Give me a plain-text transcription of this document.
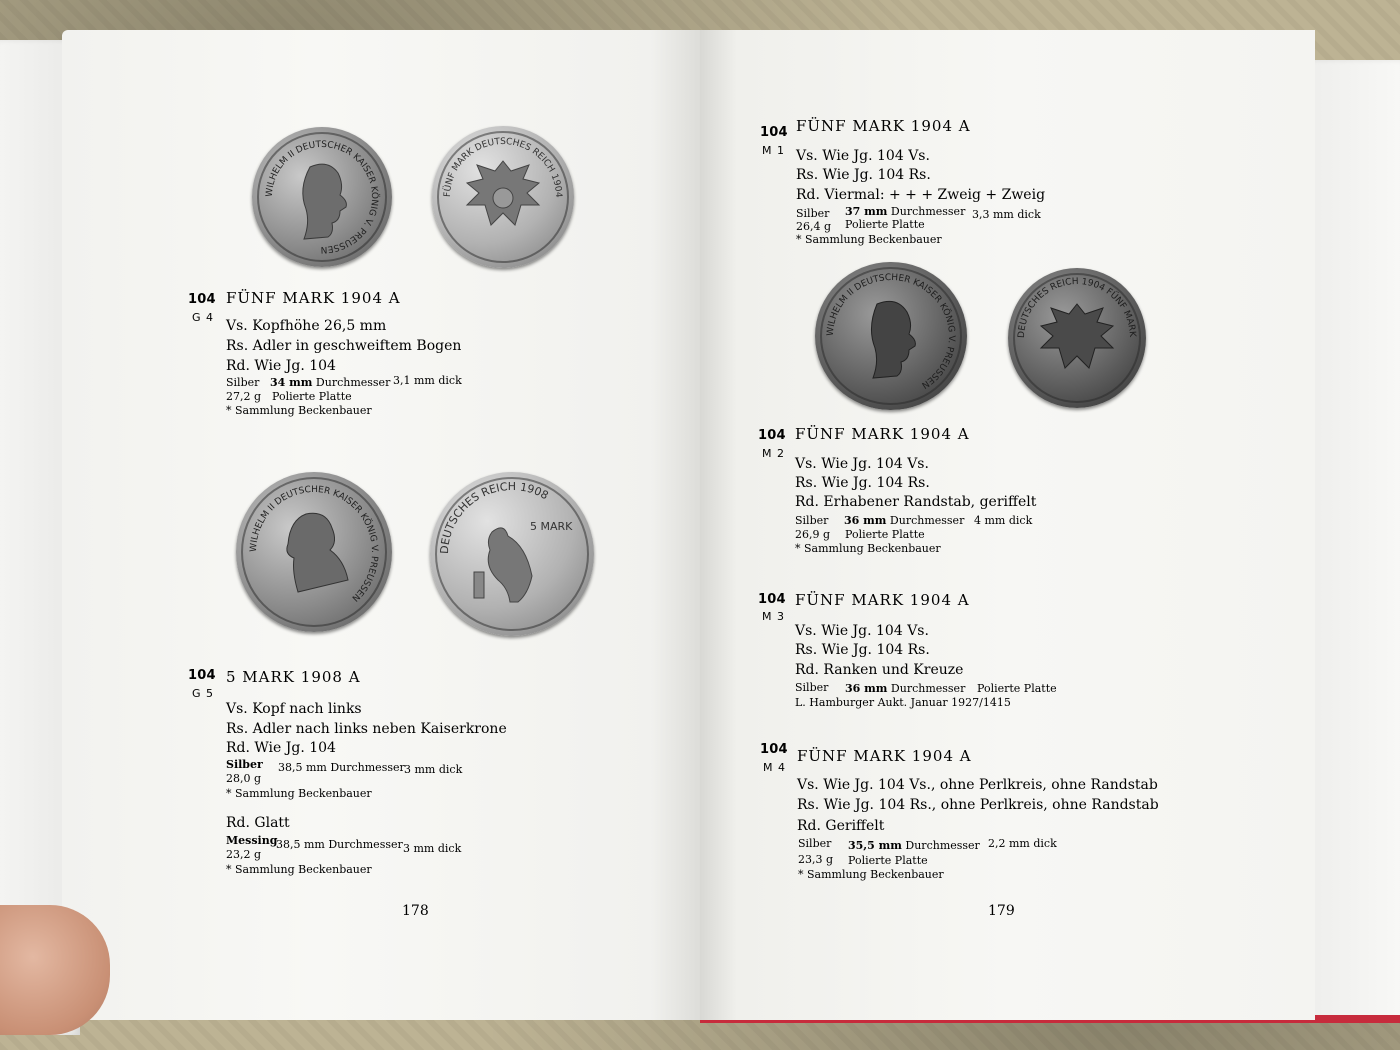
WILHELM II DEUTSCHER KAISER KÖNIG V. PREUSSEN
FÜNF MARK DEUTSCHES REICH 1904
104
G 4
FÜNF MARK 1904 A
Vs. Kopfhöhe 26,5 mm
Rs. Adler in geschweiftem Bogen
Rd. Wie Jg. 104
Silber 34 mm Durchmesser 3,1 mm dick
27,2 g Polierte Platte
* Sammlung Beckenbauer
WILHELM II DEUTSCHER KAISER KÖNIG V. PREUSSEN
DEUTSCHES REICH 1908
5 MARK
104
G 5
5 MARK 1908 A
Vs. Kopf nach links
Rs. Adler nach links neben Kaiserkrone
Rd. Wie Jg. 104
Silber 38,5 mm Durchmesser 3 mm dick
28,0 g
* Sammlung Beckenbauer
Rd. Glatt
Messing
38,5 mm Durchmesser 3 mm dick
23,2 g
* Sammlung Beckenbauer
178
104
M 1
FÜNF MARK 1904 A
Vs. Wie Jg. 104 Vs.
Rs. Wie Jg. 104 Rs.
Rd. Viermal: + + + Zweig + Zweig
Silber 37 mm Durchmesser 3,3 mm dick
26,4 g Polierte Platte
* Sammlung Beckenbauer
WILHELM II DEUTSCHER KAISER KÖNIG V. PREUSSEN
DEUTSCHES REICH 1904 FÜNF MARK
104
M 2
FÜNF MARK 1904 A
Vs. Wie Jg. 104 Vs.
Rs. Wie Jg. 104 Rs.
Rd. Erhabener Randstab, geriffelt
Silber 36 mm Durchmesser 4 mm dick
26,9 g Polierte Platte
* Sammlung Beckenbauer
104
M 3
FÜNF MARK 1904 A
Vs. Wie Jg. 104 Vs.
Rs. Wie Jg. 104 Rs.
Rd. Ranken und Kreuze
Silber 36 mm Durchmesser Polierte Platte
L. Hamburger Aukt. Januar 1927/1415
104
M 4
FÜNF MARK 1904 A
Vs. Wie Jg. 104 Vs., ohne Perlkreis, ohne Randstab
Rs. Wie Jg. 104 Rs., ohne Perlkreis, ohne Randstab
Rd. Geriffelt
Silber 35,5 mm Durchmesser 2,2 mm dick
23,3 g Polierte Platte
* Sammlung Beckenbauer
179
